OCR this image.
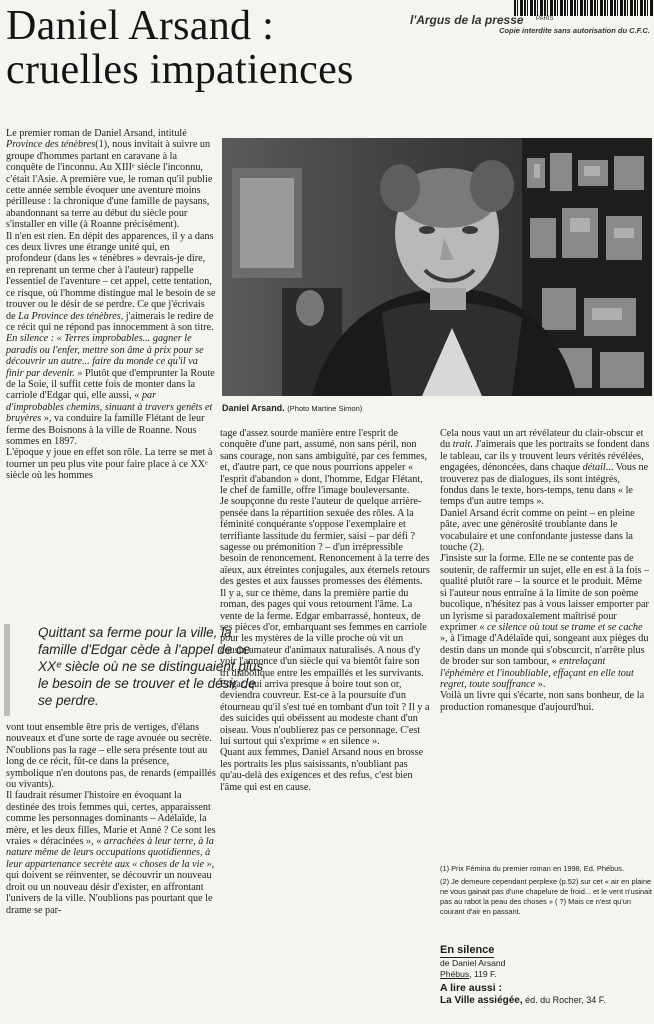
Daniel Arsand :
cruelles impatiences
l'Argus de la presse PARIS
Copie interdite sans autorisation du C.F.C.

Le premier roman de Daniel Arsand, intitulé Province des ténèbres(1), nous invitait à suivre un groupe d'hommes partant en caravane à la conquête de l'inconnu. Au XIIIᵉ siècle l'inconnu, c'était l'Asie. A première vue, le roman qu'il publie cette année semble évoquer une aventure moins périlleuse : la chronique d'une famille de paysans, abandonnant sa terre au début du siècle pour s'installer en ville (à Roanne précisément).

Il n'en est rien. En dépit des apparences, il y a dans ces deux livres une étrange unité qui, en profondeur (dans les « ténèbres » devrais-je dire, en reprenant un terme cher à l'auteur) rappelle l'essentiel de l'aventure – cet appel, cette tentation, ce risque, où l'homme distingue mal le besoin de se trouver ou le désir de se perdre. Ce que j'écrivais de La Province des ténèbres, j'aimerais le redire de ce récit qui ne répond pas innocemment à son titre. En silence : « Terres improbables... gagner le paradis ou l'enfer, mettre son âme à prix pour se découvrir un autre... faire du monde ce qu'il va finir par devenir. » Plutôt que d'emprunter la Route de la Soie, il suffit cette fois de monter dans la carriole d'Edgar qui, elle aussi, « par d'improbables chemins, sinuant à travers genêts et bruyères », va conduire la famille Flétant de leur ferme des Boisnons à la ville de Roanne. Nous sommes en 1897.

L'époque y joue en effet son rôle. La terre se met à tourner un peu plus vite pour faire place à ce XXᵉ siècle où les hommes

Daniel Arsand. (Photo Martine Simon)
Quittant sa ferme pour la ville, la famille d'Edgar cède à l'appel de ce XXᵉ siècle où ne se distinguaient plus le besoin de se trouver et le désir de se perdre.

vont tout ensemble être pris de vertiges, d'élans nouveaux et d'une sorte de rage avouée ou secrète. N'oublions pas la rage – elle sera présente tout au long de ce récit, fût-ce dans la présence, symbolique n'en doutons pas, de renards (empaillés ou vivants).

Il faudrait résumer l'histoire en évoquant la destinée des trois femmes qui, certes, apparaissent comme les personnages dominants – Adélaïde, la mère, et les deux filles, Marie et Anné ? Ce sont les vraies « déracinées », « arrachées à leur terre, à la nature même de leurs occupations quotidiennes, à leur appartenance secrète aux « choses de la vie », qui doivent se réinventer, se découvrir un nouveau droit ou un nouveau désir d'exister, en affrontant l'univers de la ville. N'oublions pas pourtant que le drame se par-

tage d'assez sourde manière entre l'esprit de conquête d'une part, assumé, non sans péril, non sans courage, non sans ambiguïté, par ces femmes, et, d'autre part, ce que nous pourrions appeler « l'esprit d'abandon » dont, l'homme, Edgar Flétant, le chef de famille, offre l'image bouleversante.

Je soupçonne du reste l'auteur de quelque arrière-pensée dans la répartition sexuée des rôles. A la féminité conquérante s'oppose l'exemplaire et terrifiante lassitude du fermier, saisi – par défi ? sagesse ou prémonition ? – d'un irrépressible besoin de renoncement. Renoncement à la terre des aïeux, aux étreintes conjugales, aux éternels retours des gestes et aux fausses promesses des éléments.

Il y a, sur ce thème, dans la première partie du roman, des pages qui vous retournent l'âme. La vente de la ferme. Edgar embarrassé, honteux, de ses pièces d'or, embarquant ses femmes en carriole pour les mystères de la ville proche où vit un cousin amateur d'animaux naturalisés. A nous d'y voir l'annonce d'un siècle qui va bientôt faire son tri diabolique entre les empaillés et les survivants. Edgar, qui arriva presque à boire tout son or, deviendra couvreur. Est-ce à la poursuite d'un étourneau qu'il s'est tué en tombant d'un toit ? Il y a des suicides qui obéissent au modeste chant d'un oiseau. Vous n'oublierez pas ce personnage. C'est lui surtout qui s'exprime « en silence ».

Quant aux femmes, Daniel Arsand nous en brosse les portraits les plus saisissants, n'oubliant pas qu'au-delà des exigences et des refus, c'est bien l'âme qui est en cause.

Cela nous vaut un art révélateur du clair-obscur et du trait. J'aimerais que les portraits se fondent dans le tableau, car ils y trouvent leurs vérités révélées, engagées, dénoncées, dans chaque détail... Vous ne trouverez pas de dialogues, ils sont intégrés, fondus dans le texte, hors-temps, tenu dans « le temps d'un autre temps ».

Daniel Arsand écrit comme on peint – en pleine pâte, avec une générosité troublante dans le vocabulaire et une confondante justesse dans la touche (2).

J'insiste sur la forme. Elle ne se contente pas de soutenir, de raffermir un sujet, elle en est à la fois – qualité plutôt rare – la source et le produit. Même si l'auteur nous entraîne à la limite de son poème bucolique, n'hésitez pas à vous laisser emporter par un lyrisme si paradoxalement maîtrisé pour exprimer « ce silence où tout se trame et se cache », à l'image d'Adélaïde qui, songeant aux pièges du destin dans un monde qui s'obscurcit, n'arrête plus de broder sur son tambour, « entrelaçant l'éphémère et l'inoubliable, effaçant en elle tout regret, toute souffrance ».

Voilà un livre qui s'écarte, non sans bonheur, de la production romanesque d'aujourd'hui.

(1) Prix Fémina du premier roman en 1998, Ed. Phébus.

(2) Je demeure cependant perplexe (p.52) sur cet « air en plaine ne vous gainait pas d'une chapelure de froid... et le vent n'usinait pas au rabot la peau des choses » ( ?) Mais ce n'est qu'un courant d'air en passant.

En silence
de Daniel Arsand
Phébus, 119 F.
A lire aussi :
La Ville assiégée, éd. du Rocher, 34 F.
